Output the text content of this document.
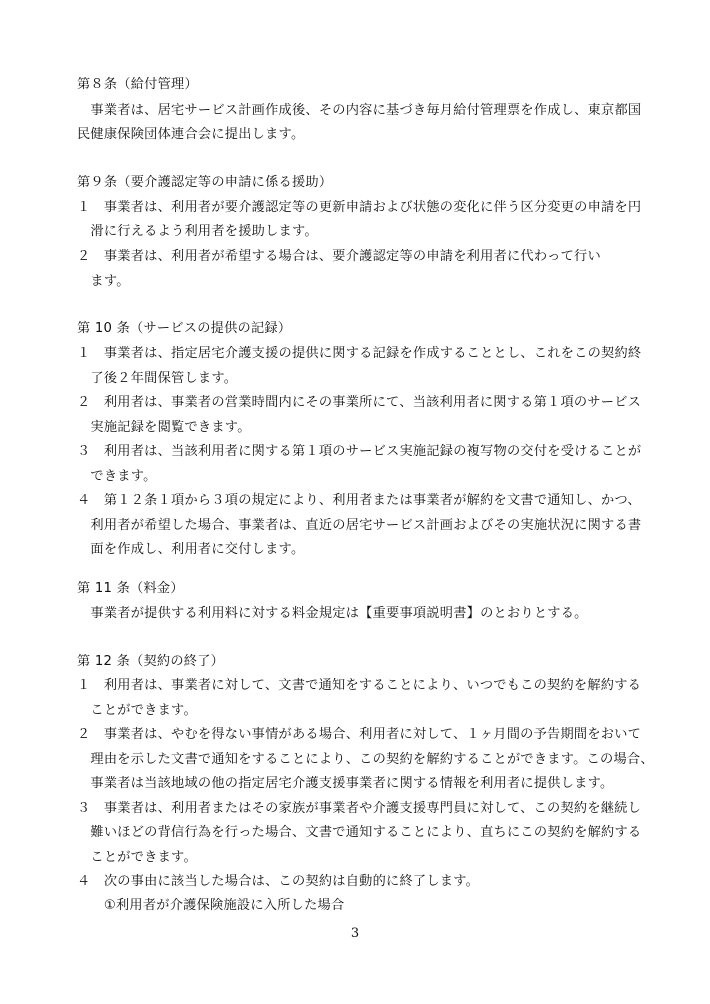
第８条（給付管理）
　事業者は、居宅サービス計画作成後、その内容に基づき毎月給付管理票を作成し、東京都国
民健康保険団体連合会に提出します。
第９条（要介護認定等の申請に係る援助）
１　事業者は、利用者が要介護認定等の更新申請および状態の変化に伴う区分変更の申請を円
　滑に行えるよう利用者を援助します。
２　事業者は、利用者が希望する場合は、要介護認定等の申請を利用者に代わって行い
　ます。
第 10 条（サービスの提供の記録）
１　事業者は、指定居宅介護支援の提供に関する記録を作成することとし、これをこの契約終
　了後２年間保管します。
２　利用者は、事業者の営業時間内にその事業所にて、当該利用者に関する第１項のサービス
　実施記録を閲覧できます。
３　利用者は、当該利用者に関する第１項のサービス実施記録の複写物の交付を受けることが
　できます。
４　第１２条１項から３項の規定により、利用者または事業者が解約を文書で通知し、かつ、
　利用者が希望した場合、事業者は、直近の居宅サービス計画およびその実施状況に関する書
　面を作成し、利用者に交付します。
第 11 条（料金）
　事業者が提供する利用料に対する料金規定は【重要事項説明書】のとおりとする。
第 12 条（契約の終了）
１　利用者は、事業者に対して、文書で通知をすることにより、いつでもこの契約を解約する
　ことができます。
２　事業者は、やむを得ない事情がある場合、利用者に対して、１ヶ月間の予告期間をおいて
　理由を示した文書で通知をすることにより、この契約を解約することができます。この場合、
　事業者は当該地域の他の指定居宅介護支援事業者に関する情報を利用者に提供します。
３　事業者は、利用者またはその家族が事業者や介護支援専門員に対して、この契約を継続し
　難いほどの背信行為を行った場合、文書で通知することにより、直ちにこの契約を解約する
　ことができます。
４　次の事由に該当した場合は、この契約は自動的に終了します。
　　①利用者が介護保険施設に入所した場合
3
